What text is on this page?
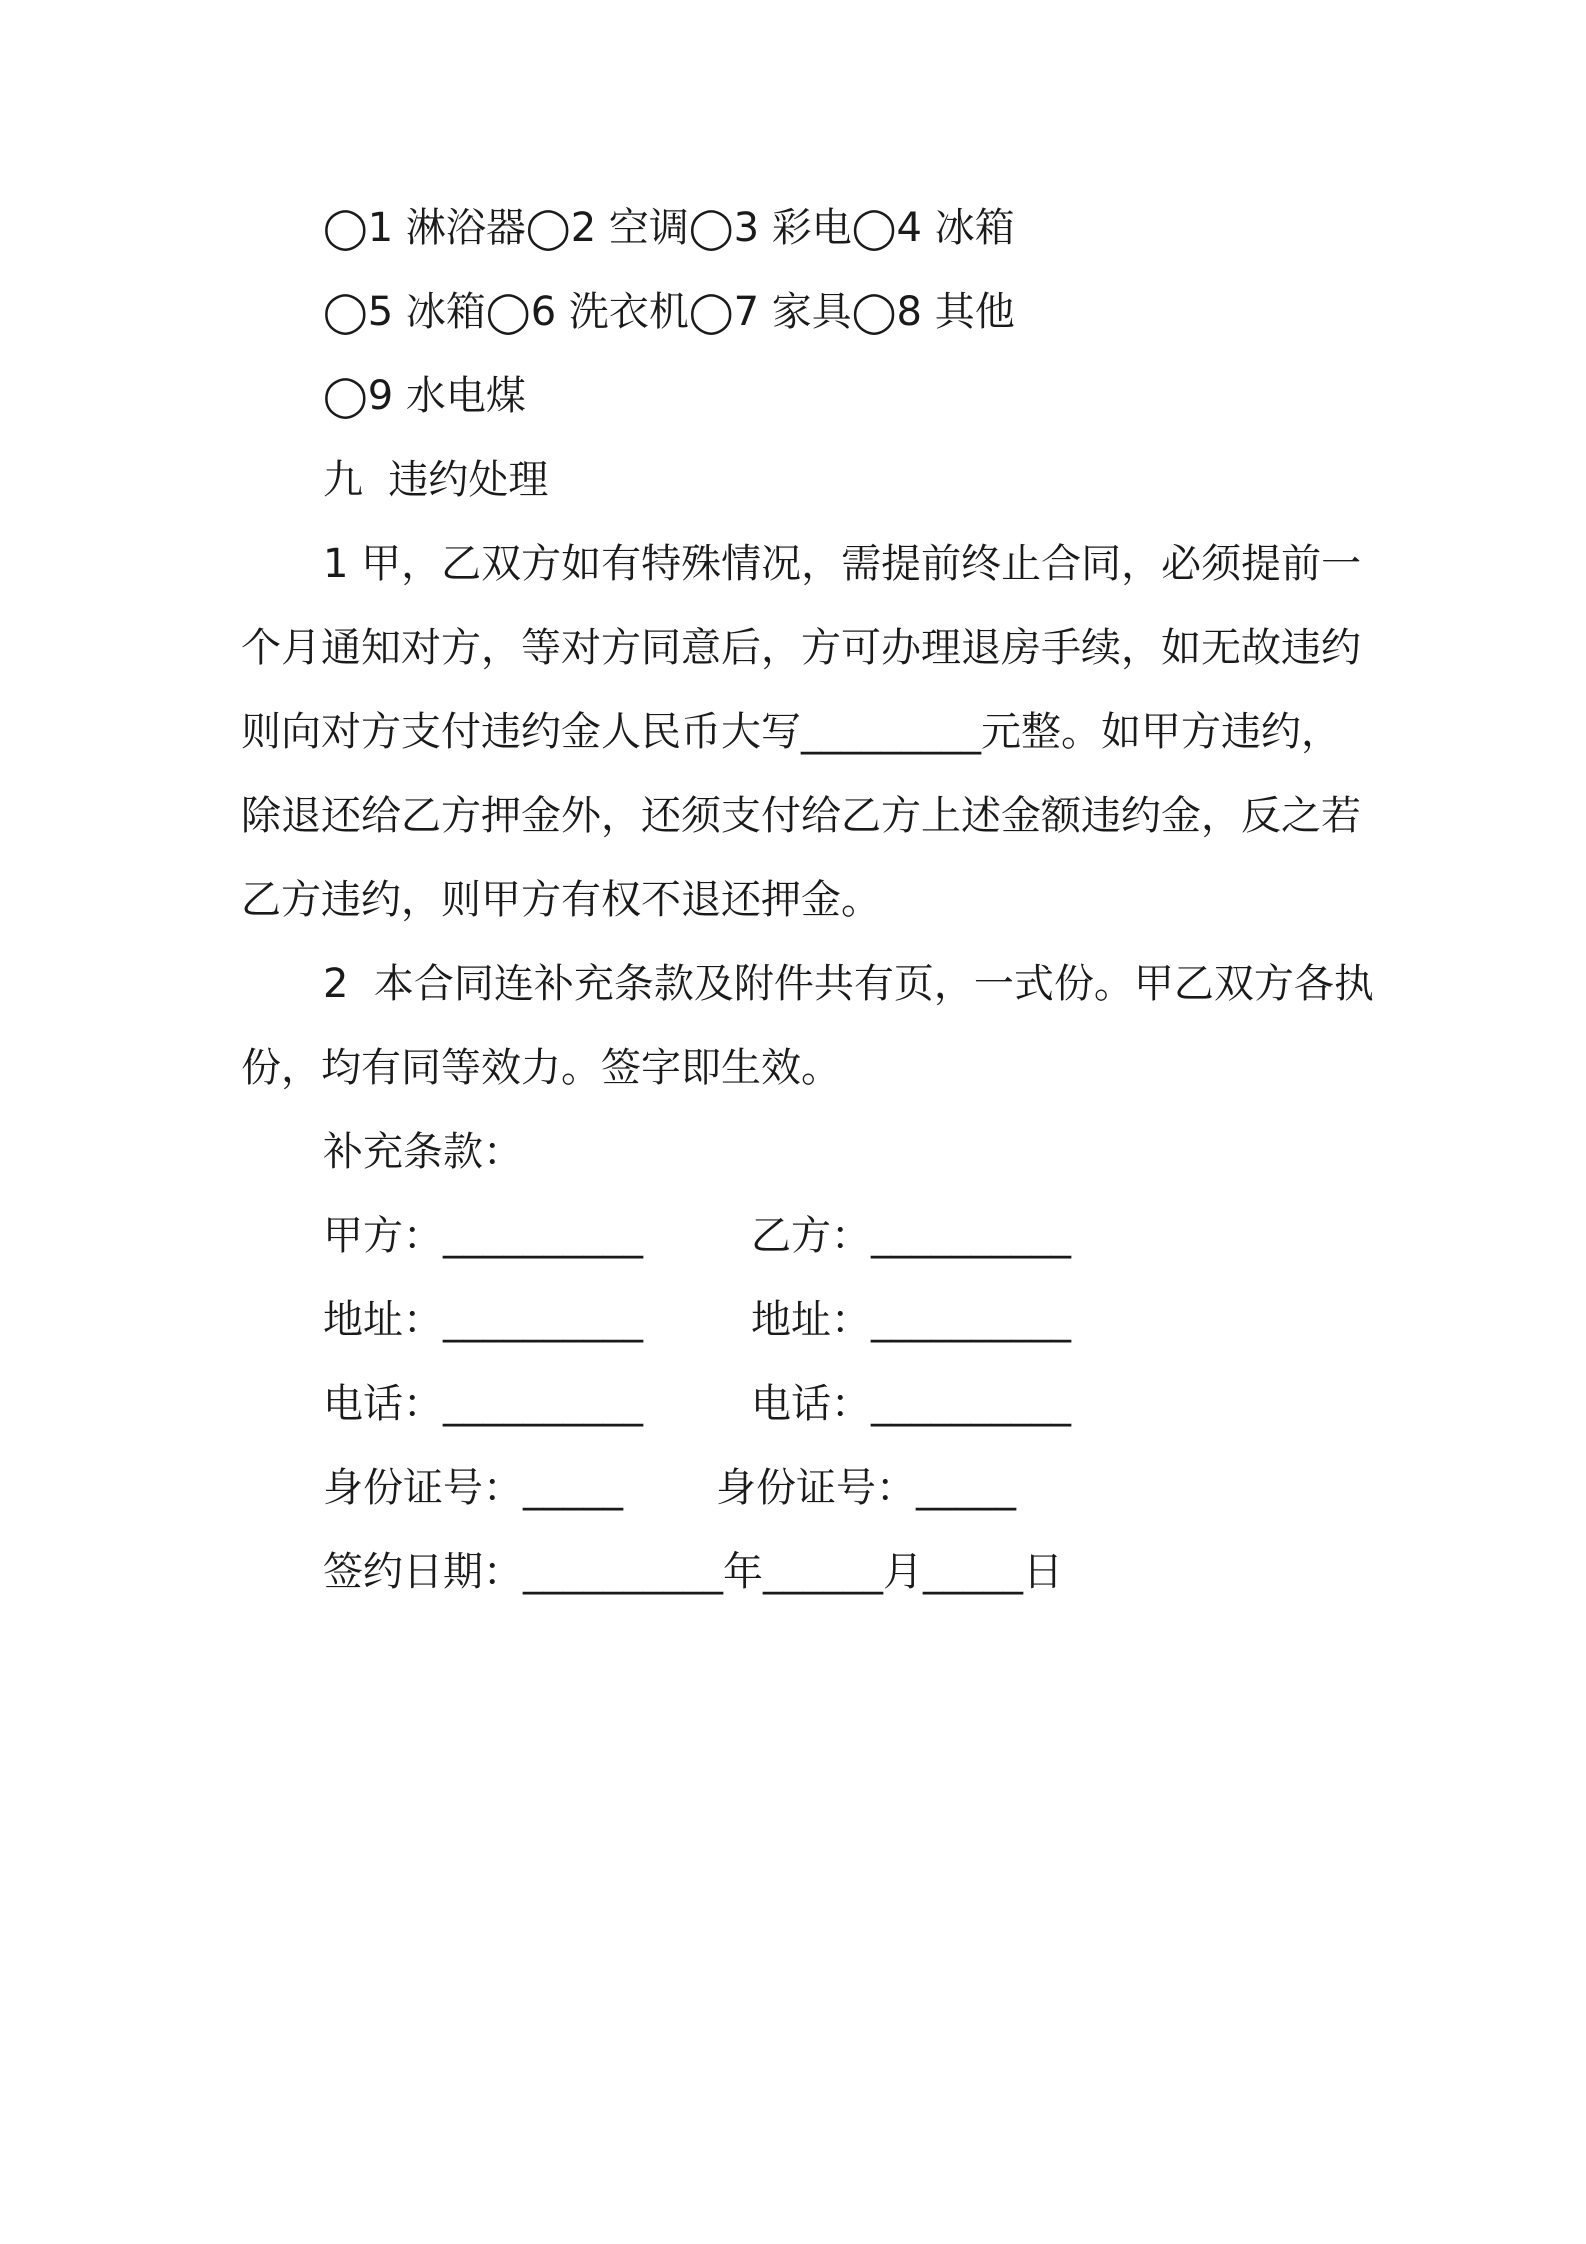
◯1 淋浴器◯2 空调◯3 彩电◯4 冰箱
◯5 冰箱◯6 洗衣机◯7 家具◯8 其他
◯9 水电煤
九  违约处理
1 甲，乙双方如有特殊情况，需提前终止合同，必须提前一
个月通知对方，等对方同意后，方可办理退房手续，如无故违约
则向对方支付违约金人民币大写_________元整。如甲方违约，
除退还给乙方押金外，还须支付给乙方上述金额违约金，反之若
乙方违约，则甲方有权不退还押金。
2  本合同连补充条款及附件共有页，一式份。甲乙双方各执
份，均有同等效力。签字即生效。
补充条款：
甲方：__________	乙方：__________
地址：__________	地址：__________
电话：__________	电话：__________
身份证号：_____ 身份证号：_____
签约日期：__________年______月_____日
